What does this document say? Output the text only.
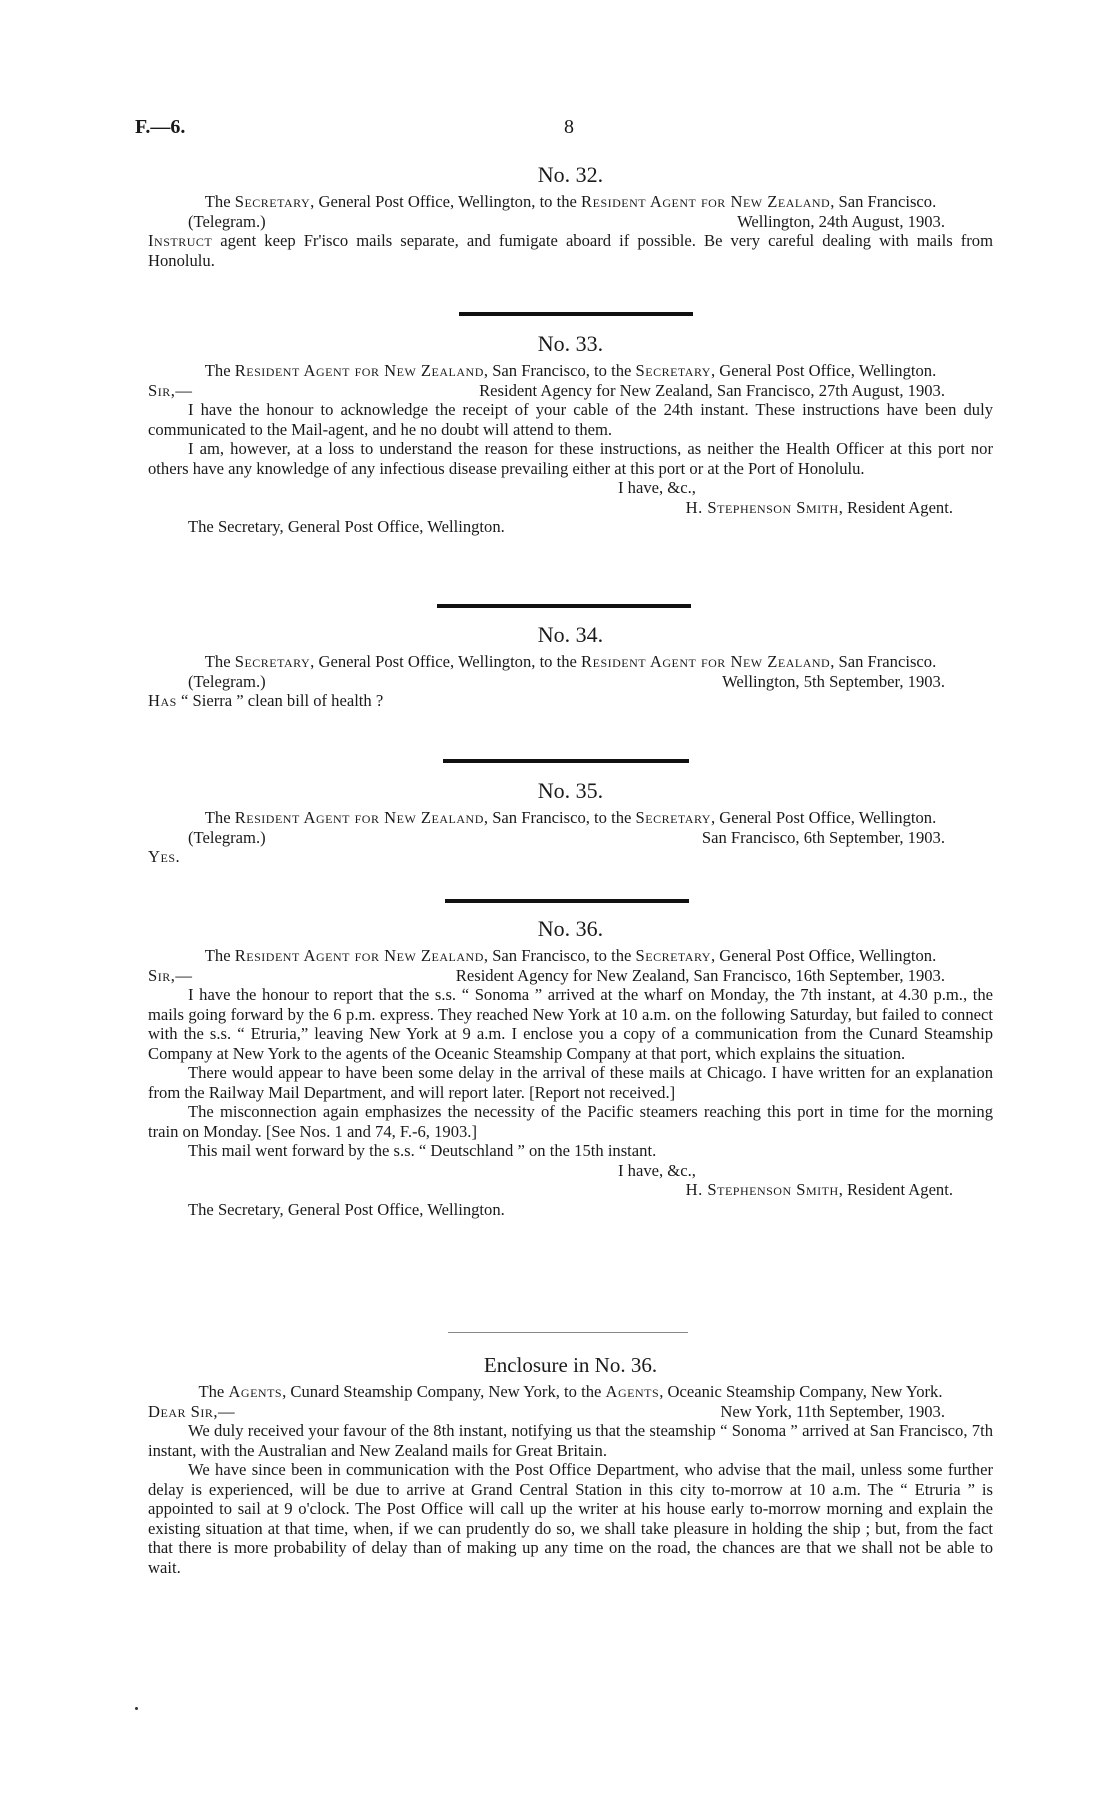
F.—6.	8
No. 32.
The Secretary, General Post Office, Wellington, to the Resident Agent for New Zealand, San Francisco.
(Telegram.)	Wellington, 24th August, 1903.
Instruct agent keep Fr'isco mails separate, and fumigate aboard if possible. Be very careful dealing with mails from Honolulu.
No. 33.
The Resident Agent for New Zealand, San Francisco, to the Secretary, General Post Office, Wellington.
Sir,—	Resident Agency for New Zealand, San Francisco, 27th August, 1903.
I have the honour to acknowledge the receipt of your cable of the 24th instant. These instructions have been duly communicated to the Mail-agent, and he no doubt will attend to them.
I am, however, at a loss to understand the reason for these instructions, as neither the Health Officer at this port nor others have any knowledge of any infectious disease prevailing either at this port or at the Port of Honolulu.
I have, &c.,
H. Stephenson Smith, Resident Agent.
The Secretary, General Post Office, Wellington.
No. 34.
The Secretary, General Post Office, Wellington, to the Resident Agent for New Zealand, San Francisco.
(Telegram.)	Wellington, 5th September, 1903.
Has “ Sierra ” clean bill of health ?
No. 35.
The Resident Agent for New Zealand, San Francisco, to the Secretary, General Post Office, Wellington.
(Telegram.)	San Francisco, 6th September, 1903.
Yes.
No. 36.
The Resident Agent for New Zealand, San Francisco, to the Secretary, General Post Office, Wellington.
Sir,—	Resident Agency for New Zealand, San Francisco, 16th September, 1903.
I have the honour to report that the s.s. “ Sonoma ” arrived at the wharf on Monday, the 7th instant, at 4.30 p.m., the mails going forward by the 6 p.m. express. They reached New York at 10 a.m. on the following Saturday, but failed to connect with the s.s. “ Etruria,” leaving New York at 9 a.m. I enclose you a copy of a communication from the Cunard Steamship Company at New York to the agents of the Oceanic Steamship Company at that port, which explains the situation.
There would appear to have been some delay in the arrival of these mails at Chicago. I have written for an explanation from the Railway Mail Department, and will report later. [Report not received.]
The misconnection again emphasizes the necessity of the Pacific steamers reaching this port in time for the morning train on Monday. [See Nos. 1 and 74, F.-6, 1903.]
This mail went forward by the s.s. “ Deutschland ” on the 15th instant.
I have, &c.,
H. Stephenson Smith, Resident Agent.
The Secretary, General Post Office, Wellington.
Enclosure in No. 36.
The Agents, Cunard Steamship Company, New York, to the Agents, Oceanic Steamship Company, New York.
Dear Sir,—	New York, 11th September, 1903.
We duly received your favour of the 8th instant, notifying us that the steamship “ Sonoma ” arrived at San Francisco, 7th instant, with the Australian and New Zealand mails for Great Britain.
We have since been in communication with the Post Office Department, who advise that the mail, unless some further delay is experienced, will be due to arrive at Grand Central Station in this city to-morrow at 10 a.m. The “ Etruria ” is appointed to sail at 9 o'clock. The Post Office will call up the writer at his house early to-morrow morning and explain the existing situation at that time, when, if we can prudently do so, we shall take pleasure in holding the ship ; but, from the fact that there is more probability of delay than of making up any time on the road, the chances are that we shall not be able to wait.
